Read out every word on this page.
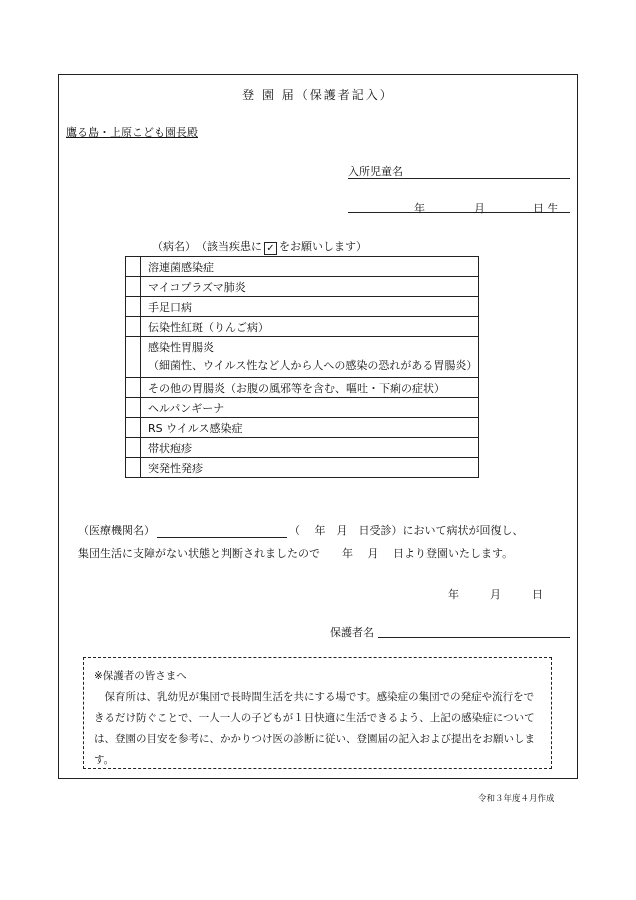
登 園 届（保護者記入）
鷹る島・上原こども園長殿
入所児童名
年	月	日 生
（病名）　（該当疾患に ✓ をお願いします）
	溶連菌感染症
	マイコプラズマ肺炎
	手足口病
	伝染性紅斑（りんご病）

	感染性胃腸炎
（細菌性、ウイルス性など人から人への感染の恐れがある胃腸炎）

	その他の胃腸炎（お腹の風邪等を含む、嘔吐・下痢の症状）
	ヘルパンギーナ
	RS ウイルス感染症
	帯状疱疹
	突発性発疹
（医療機関名）	（　 年　月　日受診）において病状が回復し、
集団生活に支障がない状態と判断されましたので　　年　 月　 日より登園いたします。
年	月	日
保護者名

※保護者の皆さまへ

保育所は、乳幼児が集団で長時間生活を共にする場です。感染症の集団での発症や流行をできるだけ防ぐことで、一人一人の子どもが１日快適に生活できるよう、上記の感染症については、登園の目安を参考に、かかりつけ医の診断に従い、登園届の記入および提出をお願いします。

令和３年度４月作成
